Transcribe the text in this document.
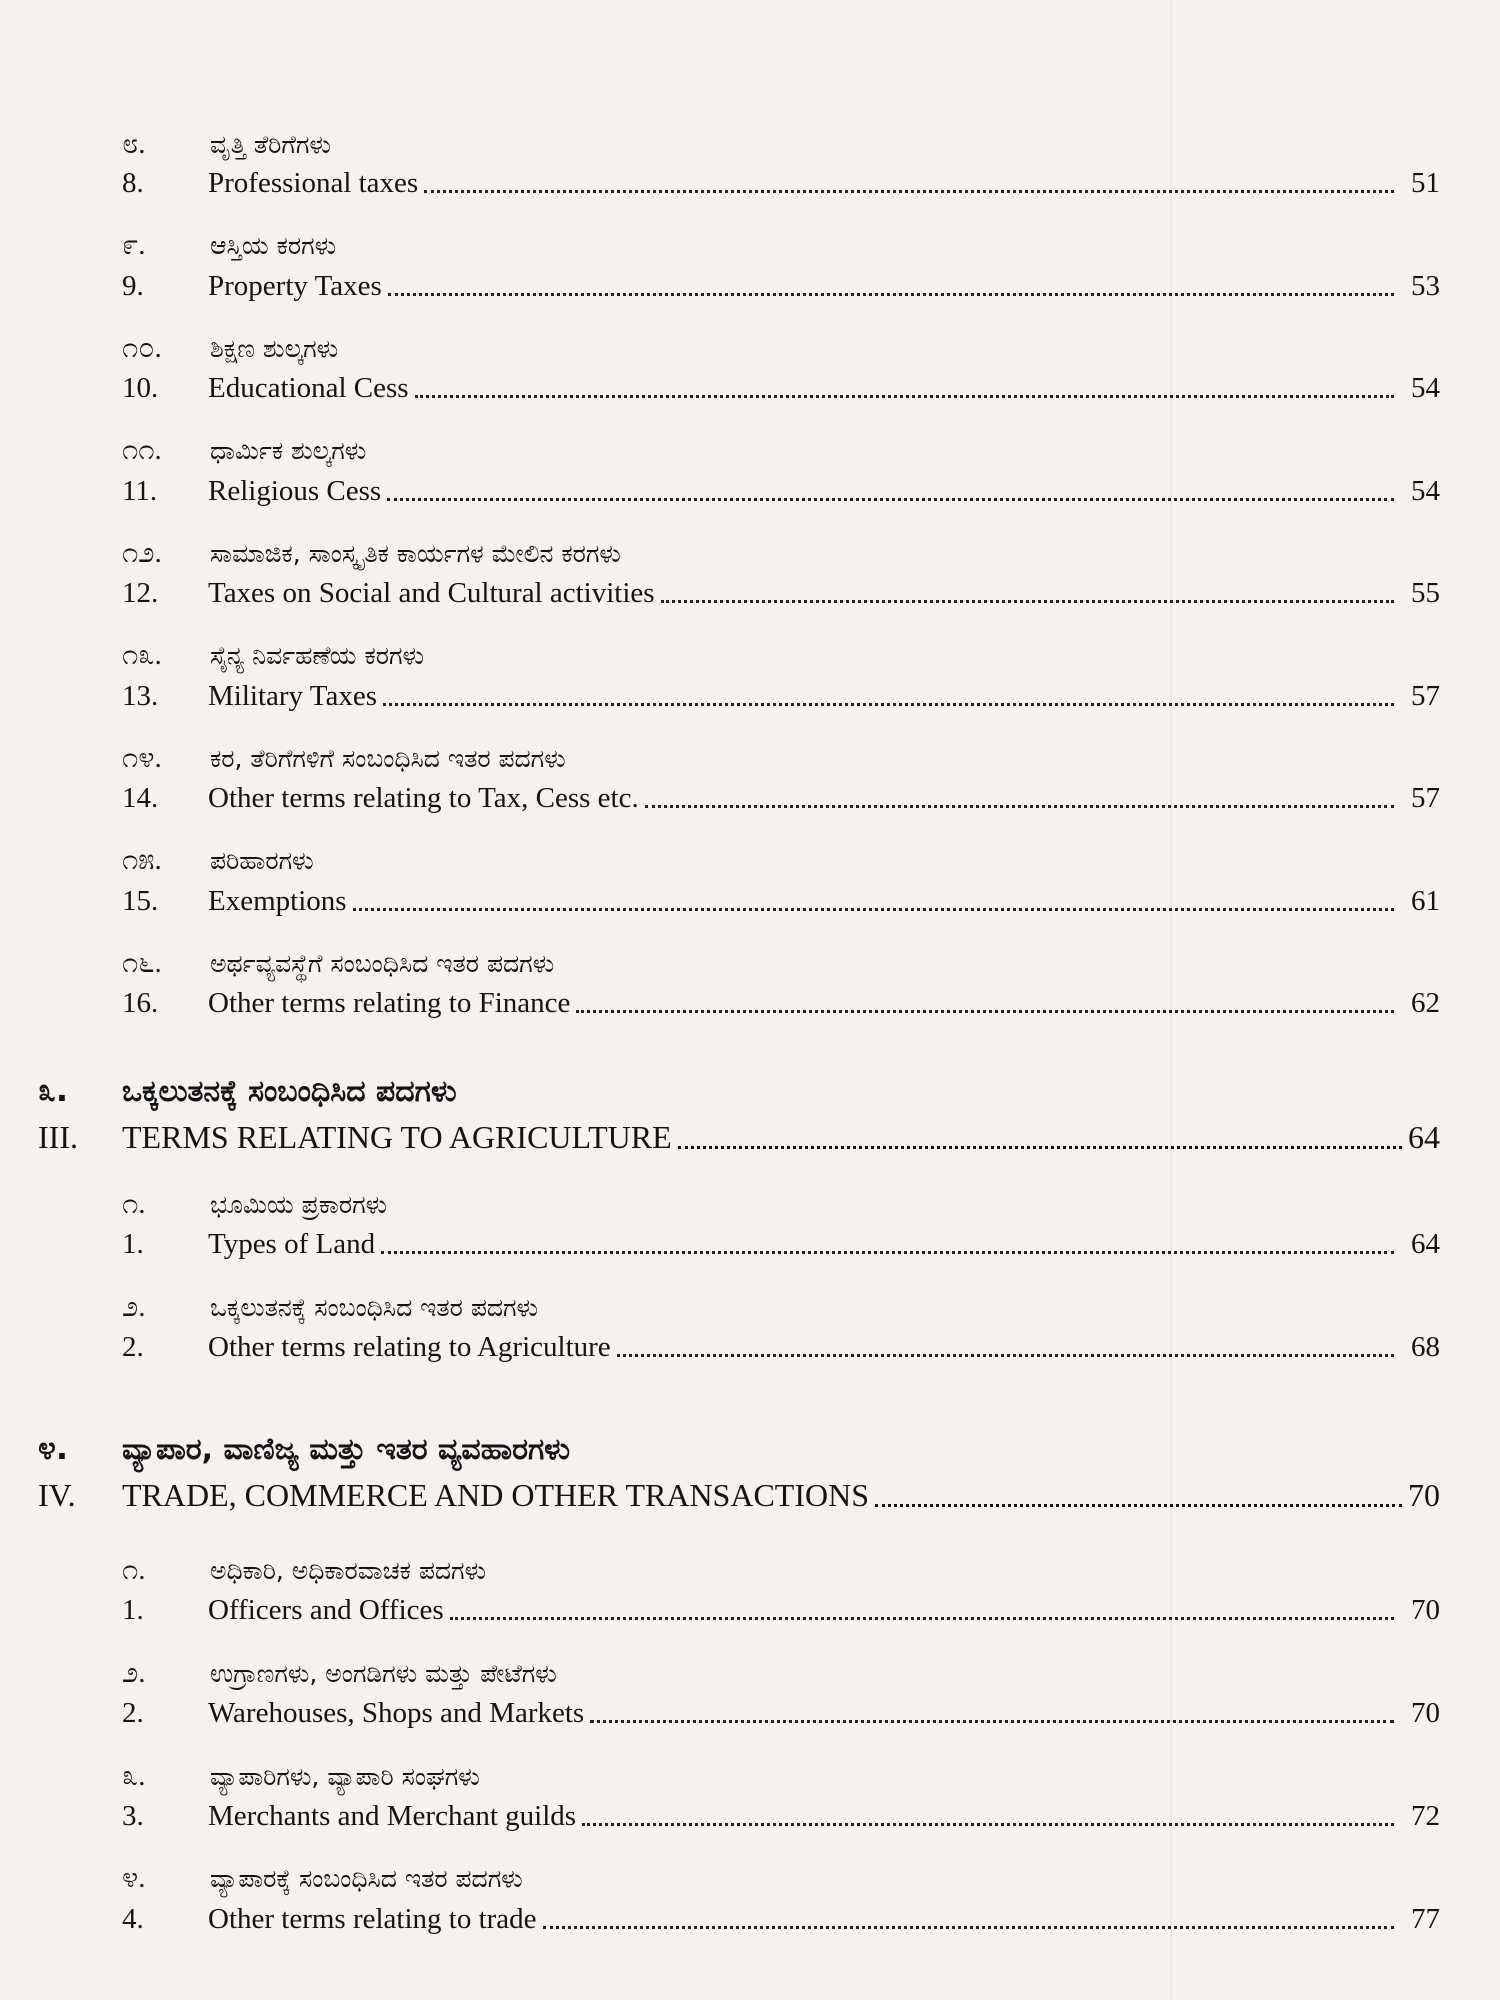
೮.	ವೃತ್ತಿ ತೆರಿಗೆಗಳು
8.	Professional taxes	51
೯.	ಆಸ್ತಿಯ ಕರಗಳು
9.	Property Taxes	53
೧೦. ಶಿಕ್ಷಣ ಶುಲ್ಕಗಳು
10.	Educational Cess	54
೧೧. ಧಾರ್ಮಿಕ ಶುಲ್ಕಗಳು
11.	Religious Cess	54
೧೨. ಸಾಮಾಜಿಕ, ಸಾಂಸ್ಕೃತಿಕ ಕಾರ್ಯಗಳ ಮೇಲಿನ ಕರಗಳು
12.	Taxes on Social and Cultural activities	55
೧೩. ಸೈನ್ಯ ನಿರ್ವಹಣೆಯ ಕರಗಳು
13.	Military Taxes	57
೧೪. ಕರ, ತೆರಿಗೆಗಳಿಗೆ ಸಂಬಂಧಿಸಿದ ಇತರ ಪದಗಳು
14.	Other terms relating to Tax, Cess etc.	57
೧೫. ಪರಿಹಾರಗಳು
15.	Exemptions	61
೧೬. ಅರ್ಥವ್ಯವಸ್ಥೆಗೆ ಸಂಬಂಧಿಸಿದ ಇತರ ಪದಗಳು
16.	Other terms relating to Finance	62
೩. ಒಕ್ಕಲುತನಕ್ಕೆ ಸಂಬಂಧಿಸಿದ ಪದಗಳು
III.	TERMS RELATING TO AGRICULTURE	64
೧.	ಭೂಮಿಯ ಪ್ರಕಾರಗಳು
1.	Types of Land	64
೨.	ಒಕ್ಕಲುತನಕ್ಕೆ ಸಂಬಂಧಿಸಿದ ಇತರ ಪದಗಳು
2.	Other terms relating to Agriculture	68
೪. ವ್ಯಾಪಾರ, ವಾಣಿಜ್ಯ ಮತ್ತು ಇತರ ವ್ಯವಹಾರಗಳು
IV.	TRADE, COMMERCE AND OTHER TRANSACTIONS	70
೧.	ಅಧಿಕಾರಿ, ಅಧಿಕಾರವಾಚಕ ಪದಗಳು
1.	Officers and Offices	70
೨.	ಉಗ್ರಾಣಗಳು, ಅಂಗಡಿಗಳು ಮತ್ತು ಪೇಟೆಗಳು
2.	Warehouses, Shops and Markets	70
೩.	ವ್ಯಾಪಾರಿಗಳು, ವ್ಯಾಪಾರಿ ಸಂಘಗಳು
3.	Merchants and Merchant guilds	72
೪.	ವ್ಯಾಪಾರಕ್ಕೆ ಸಂಬಂಧಿಸಿದ ಇತರ ಪದಗಳು
4.	Other terms relating to trade	77
